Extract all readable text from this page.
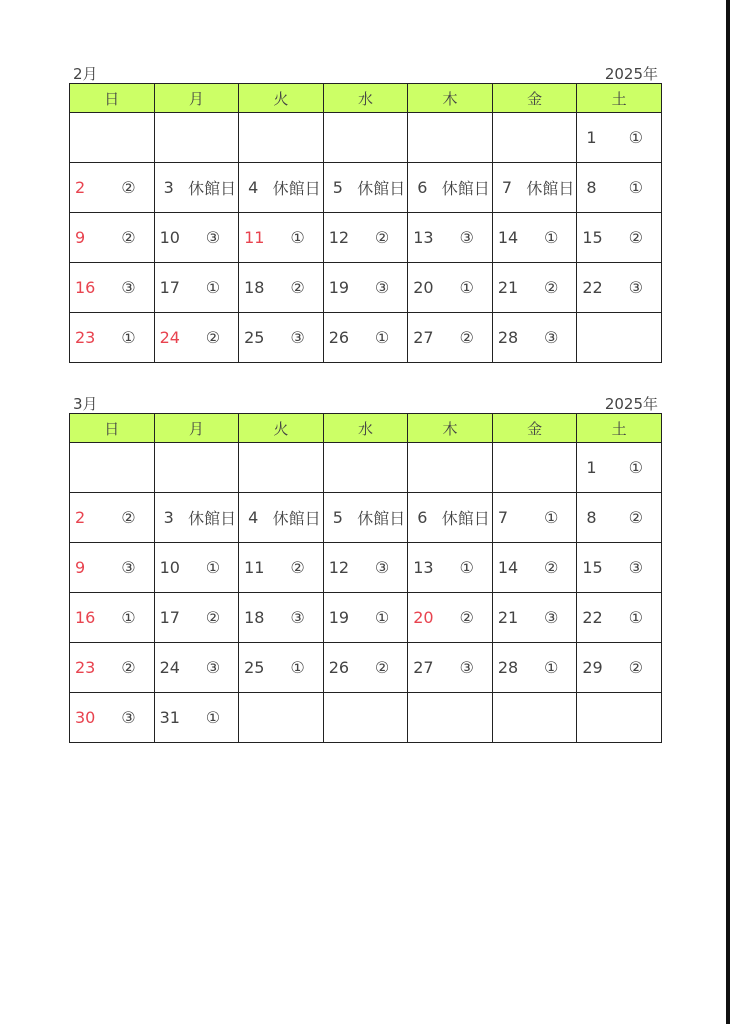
2月	2025年
日	月	火	水	木	金	土

						1 ①

2 ②	3 休館日	4 休館日	5 休館日	6 休館日	7 休館日	8 ①

9 ②	10 ③	11 ①	12 ②	13 ③	14 ①	15 ②

16 ③	17 ①	18 ②	19 ③	20 ①	21 ②	22 ③

23 ①	24 ②	25 ③	26 ①	27 ②	28 ③	

3月	2025年
日	月	火	水	木	金	土

						1 ①

2 ②	3 休館日	4 休館日	5 休館日	6 休館日	7 ①	8 ②

9 ③	10 ①	11 ②	12 ③	13 ①	14 ②	15 ③

16 ①	17 ②	18 ③	19 ①	20 ②	21 ③	22 ①

23 ②	24 ③	25 ①	26 ②	27 ③	28 ①	29 ②

30 ③	31 ①					
